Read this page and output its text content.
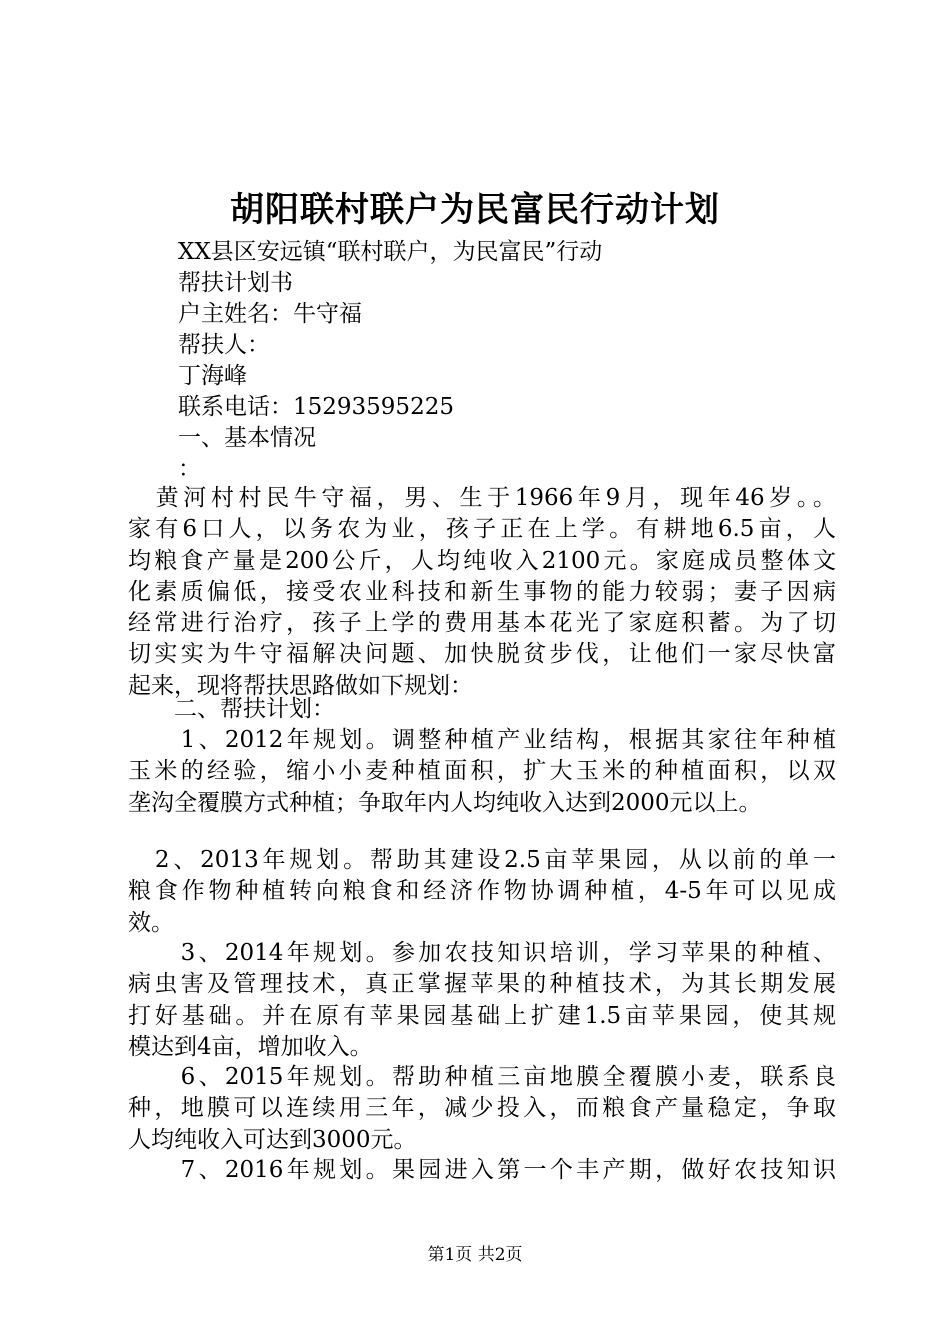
胡阳联村联户为民富民行动计划
XX县区安远镇“联村联户，为民富民”行动
帮扶计划书
户主姓名：牛守福
帮扶人：
丁海峰
联系电话：15293595225
一、基本情况
：
　黄河村村民牛守福，男、生于1966年9月，现年46岁。。
家有6口人，以务农为业，孩子正在上学。有耕地6.5亩，人
均粮食产量是200公斤，人均纯收入2100元。家庭成员整体文
化素质偏低，接受农业科技和新生事物的能力较弱；妻子因病
经常进行治疗，孩子上学的费用基本花光了家庭积蓄。为了切
切实实为牛守福解决问题、加快脱贫步伐，让他们一家尽快富
起来，现将帮扶思路做如下规划：
　　二、帮扶计划：
　　1、2012年规划。调整种植产业结构，根据其家往年种植
玉米的经验，缩小小麦种植面积，扩大玉米的种植面积，以双
垄沟全覆膜方式种植；争取年内人均纯收入达到2000元以上。
　2、2013年规划。帮助其建设2.5亩苹果园，从以前的单一
粮食作物种植转向粮食和经济作物协调种植，4-5年可以见成
效。
　　3、2014年规划。参加农技知识培训，学习苹果的种植、
病虫害及管理技术，真正掌握苹果的种植技术，为其长期发展
打好基础。并在原有苹果园基础上扩建1.5亩苹果园，使其规
模达到4亩，增加收入。
　　6、2015年规划。帮助种植三亩地膜全覆膜小麦，联系良
种，地膜可以连续用三年，减少投入，而粮食产量稳定，争取
人均纯收入可达到3000元。
　　7、2016年规划。果园进入第一个丰产期，做好农技知识
第1页 共2页
